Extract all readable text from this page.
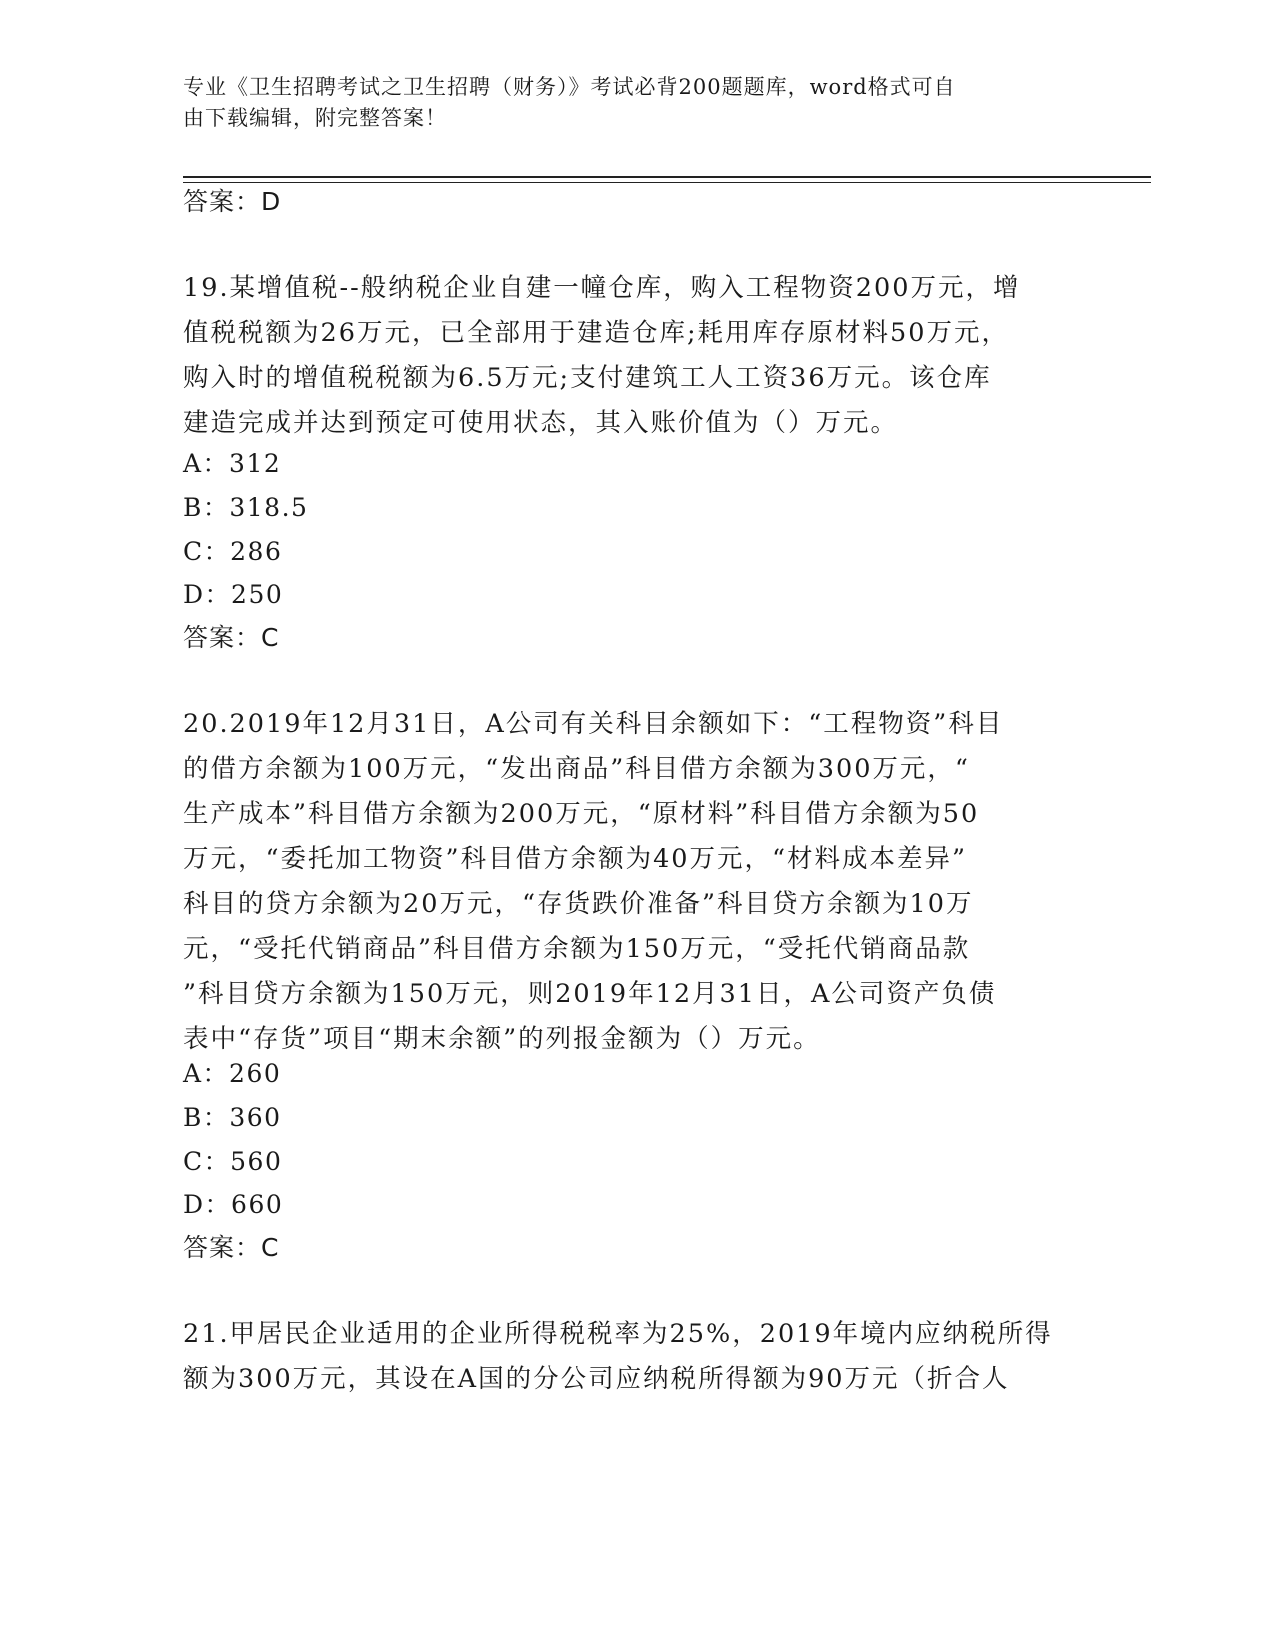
专业《卫生招聘考试之卫生招聘（财务）》考试必背200题题库，word格式可自
由下载编辑，附完整答案！
答案：D
19.某增值税--般纳税企业自建一幢仓库，购入工程物资200万元，增
值税税额为26万元，已全部用于建造仓库;耗用库存原材料50万元，
购入时的增值税税额为6.5万元;支付建筑工人工资36万元。该仓库
建造完成并达到预定可使用状态，其入账价值为（）万元。
A：312
B：318.5
C：286
D：250
答案：C
20.2019年12月31日，A公司有关科目余额如下：“工程物资”科目
的借方余额为100万元，“发出商品”科目借方余额为300万元，“
生产成本”科目借方余额为200万元，“原材料”科目借方余额为50
万元，“委托加工物资”科目借方余额为40万元，“材料成本差异”
科目的贷方余额为20万元，“存货跌价准备”科目贷方余额为10万
元，“受托代销商品”科目借方余额为150万元，“受托代销商品款
”科目贷方余额为150万元，则2019年12月31日，A公司资产负债
表中“存货”项目“期末余额”的列报金额为（）万元。
A：260
B：360
C：560
D：660
答案：C
21.甲居民企业适用的企业所得税税率为25%，2019年境内应纳税所得
额为300万元，其设在A国的分公司应纳税所得额为90万元（折合人
